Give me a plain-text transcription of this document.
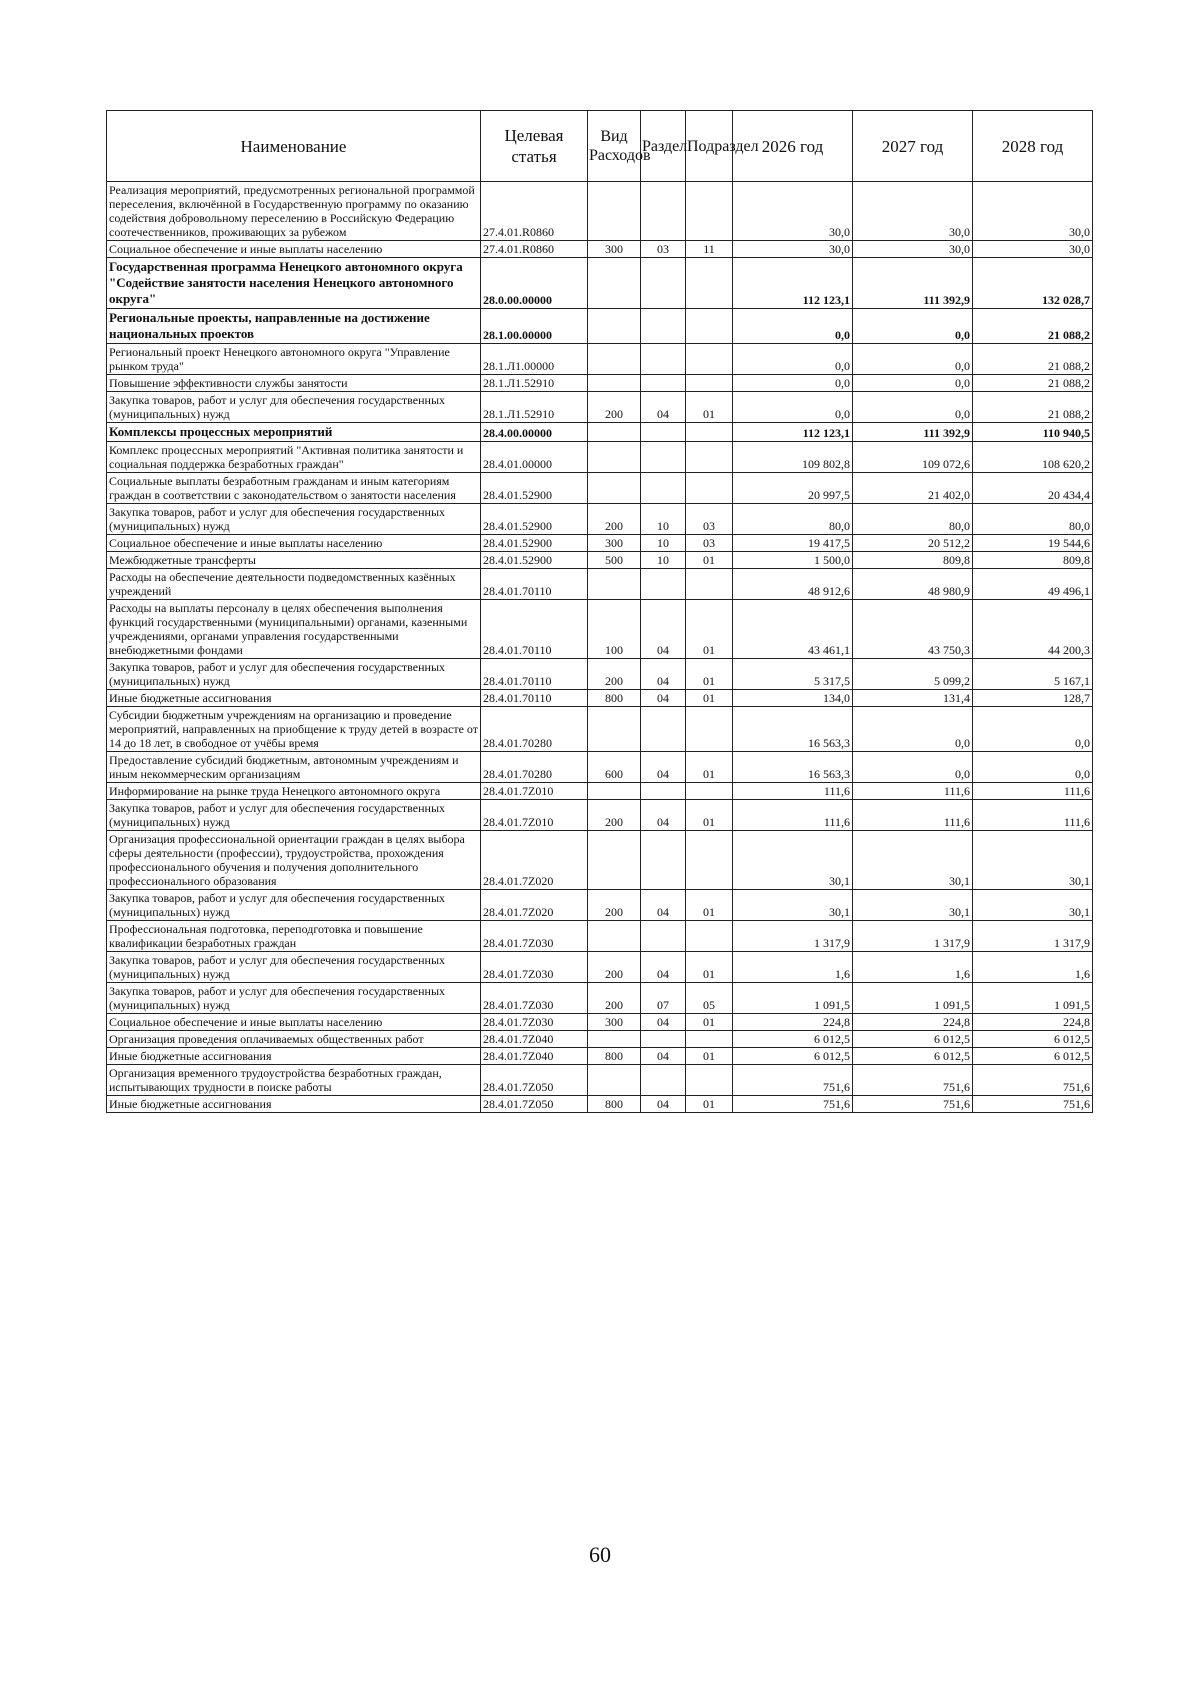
Наименование	Целевая статья	Вид Расходов	Раздел	Подраздел	2026 год	2027 год	2028 год
Реализация мероприятий, предусмотренных региональной программой переселения, включённой в Государственную программу по оказанию содействия добровольному переселению в Российскую Федерацию соотечественников, проживающих за рубежом	27.4.01.R0860				30,0	30,0	30,0
Социальное обеспечение и иные выплаты населению	27.4.01.R0860	300	03	11	30,0	30,0	30,0
Государственная программа Ненецкого автономного округа "Содействие занятости населения Ненецкого автономного округа"	28.0.00.00000				112 123,1	111 392,9	132 028,7
Региональные проекты, направленные на достижение национальных проектов	28.1.00.00000				0,0	0,0	21 088,2
Региональный проект Ненецкого автономного округа "Управление рынком труда"	28.1.Л1.00000				0,0	0,0	21 088,2
Повышение эффективности службы занятости	28.1.Л1.52910				0,0	0,0	21 088,2
Закупка товаров, работ и услуг для обеспечения государственных (муниципальных) нужд	28.1.Л1.52910	200	04	01	0,0	0,0	21 088,2
Комплексы процессных мероприятий	28.4.00.00000				112 123,1	111 392,9	110 940,5
Комплекс процессных мероприятий "Активная политика занятости и социальная поддержка безработных граждан"	28.4.01.00000				109 802,8	109 072,6	108 620,2
Социальные выплаты безработным гражданам и иным категориям граждан в соответствии с законодательством о занятости населения	28.4.01.52900				20 997,5	21 402,0	20 434,4
Закупка товаров, работ и услуг для обеспечения государственных (муниципальных) нужд	28.4.01.52900	200	10	03	80,0	80,0	80,0
Социальное обеспечение и иные выплаты населению	28.4.01.52900	300	10	03	19 417,5	20 512,2	19 544,6
Межбюджетные трансферты	28.4.01.52900	500	10	01	1 500,0	809,8	809,8
Расходы на обеспечение деятельности подведомственных казённых учреждений	28.4.01.70110				48 912,6	48 980,9	49 496,1
Расходы на выплаты персоналу в целях обеспечения выполнения функций государственными (муниципальными) органами, казенными учреждениями, органами управления государственными внебюджетными фондами	28.4.01.70110	100	04	01	43 461,1	43 750,3	44 200,3
Закупка товаров, работ и услуг для обеспечения государственных (муниципальных) нужд	28.4.01.70110	200	04	01	5 317,5	5 099,2	5 167,1
Иные бюджетные ассигнования	28.4.01.70110	800	04	01	134,0	131,4	128,7
Субсидии бюджетным учреждениям на организацию и проведение мероприятий, направленных на приобщение к труду детей в возрасте от 14 до 18 лет, в свободное от учёбы время	28.4.01.70280				16 563,3	0,0	0,0
Предоставление субсидий бюджетным, автономным учреждениям и иным некоммерческим организациям	28.4.01.70280	600	04	01	16 563,3	0,0	0,0
Информирование на рынке труда Ненецкого автономного округа	28.4.01.7Z010				111,6	111,6	111,6
Закупка товаров, работ и услуг для обеспечения государственных (муниципальных) нужд	28.4.01.7Z010	200	04	01	111,6	111,6	111,6
Организация профессиональной ориентации граждан в целях выбора сферы деятельности (профессии), трудоустройства, прохождения профессионального обучения и получения дополнительного профессионального образования	28.4.01.7Z020				30,1	30,1	30,1
Закупка товаров, работ и услуг для обеспечения государственных (муниципальных) нужд	28.4.01.7Z020	200	04	01	30,1	30,1	30,1
Профессиональная подготовка, переподготовка и повышение квалификации безработных граждан	28.4.01.7Z030				1 317,9	1 317,9	1 317,9
Закупка товаров, работ и услуг для обеспечения государственных (муниципальных) нужд	28.4.01.7Z030	200	04	01	1,6	1,6	1,6
Закупка товаров, работ и услуг для обеспечения государственных (муниципальных) нужд	28.4.01.7Z030	200	07	05	1 091,5	1 091,5	1 091,5
Социальное обеспечение и иные выплаты населению	28.4.01.7Z030	300	04	01	224,8	224,8	224,8
Организация проведения оплачиваемых общественных работ	28.4.01.7Z040				6 012,5	6 012,5	6 012,5
Иные бюджетные ассигнования	28.4.01.7Z040	800	04	01	6 012,5	6 012,5	6 012,5
Организация временного трудоустройства безработных граждан, испытывающих трудности в поиске работы	28.4.01.7Z050				751,6	751,6	751,6
Иные бюджетные ассигнования	28.4.01.7Z050	800	04	01	751,6	751,6	751,6
60
